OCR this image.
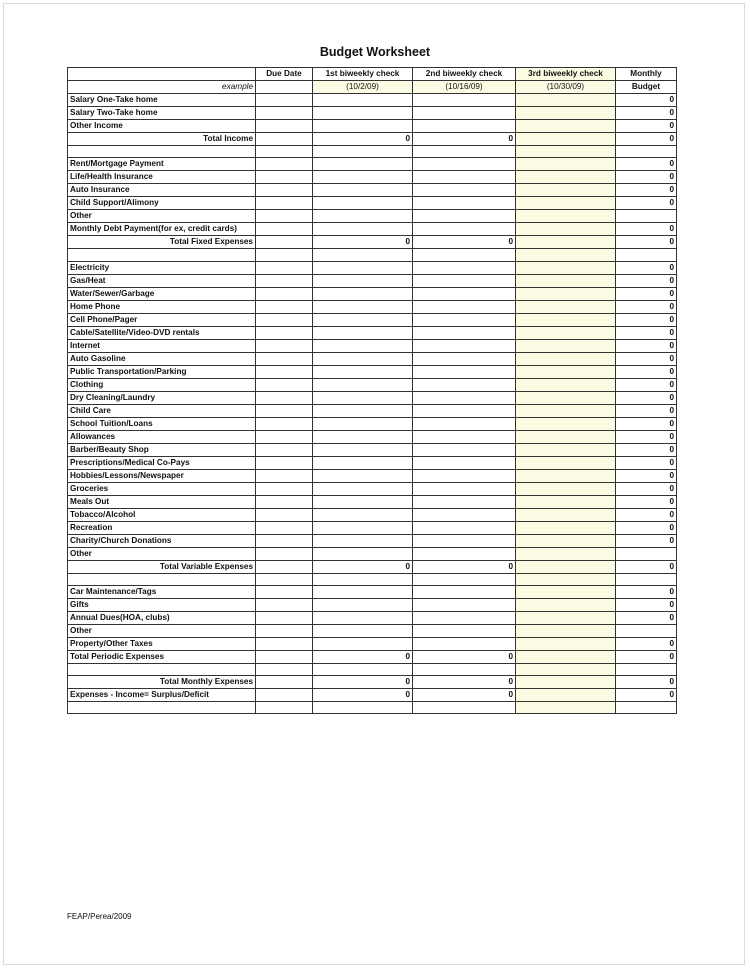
Budget Worksheet
	Due Date	1st biweekly check	2nd biweekly check	3rd biweekly check	Monthly
example		(10/2/09)	(10/16/09)	(10/30/09)	Budget
Salary One-Take home					0
Salary Two-Take home					0
Other Income					0
Total Income		0	0		0

Rent/Mortgage Payment					0
Life/Health Insurance					0
Auto Insurance					0
Child Support/Alimony					0
Other					
Monthly Debt Payment(for ex, credit cards)					0
Total Fixed Expenses		0	0		0

Electricity					0
Gas/Heat					0
Water/Sewer/Garbage					0
Home Phone					0
Cell Phone/Pager					0
Cable/Satellite/Video-DVD rentals					0
Internet					0
Auto Gasoline					0
Public Transportation/Parking					0
Clothing					0
Dry Cleaning/Laundry					0
Child Care					0
School Tuition/Loans					0
Allowances					0
Barber/Beauty Shop					0
Prescriptions/Medical Co-Pays					0
Hobbies/Lessons/Newspaper					0
Groceries					0
Meals Out					0
Tobacco/Alcohol					0
Recreation					0
Charity/Church Donations					0
Other					
Total Variable Expenses		0	0		0

Car Maintenance/Tags					0
Gifts					0
Annual Dues(HOA, clubs)					0
Other					
Property/Other Taxes					0
Total Periodic Expenses		0	0		0

Total Monthly Expenses		0	0		0
Expenses - Income= Surplus/Deficit		0	0		0

FEAP/Perea/2009
